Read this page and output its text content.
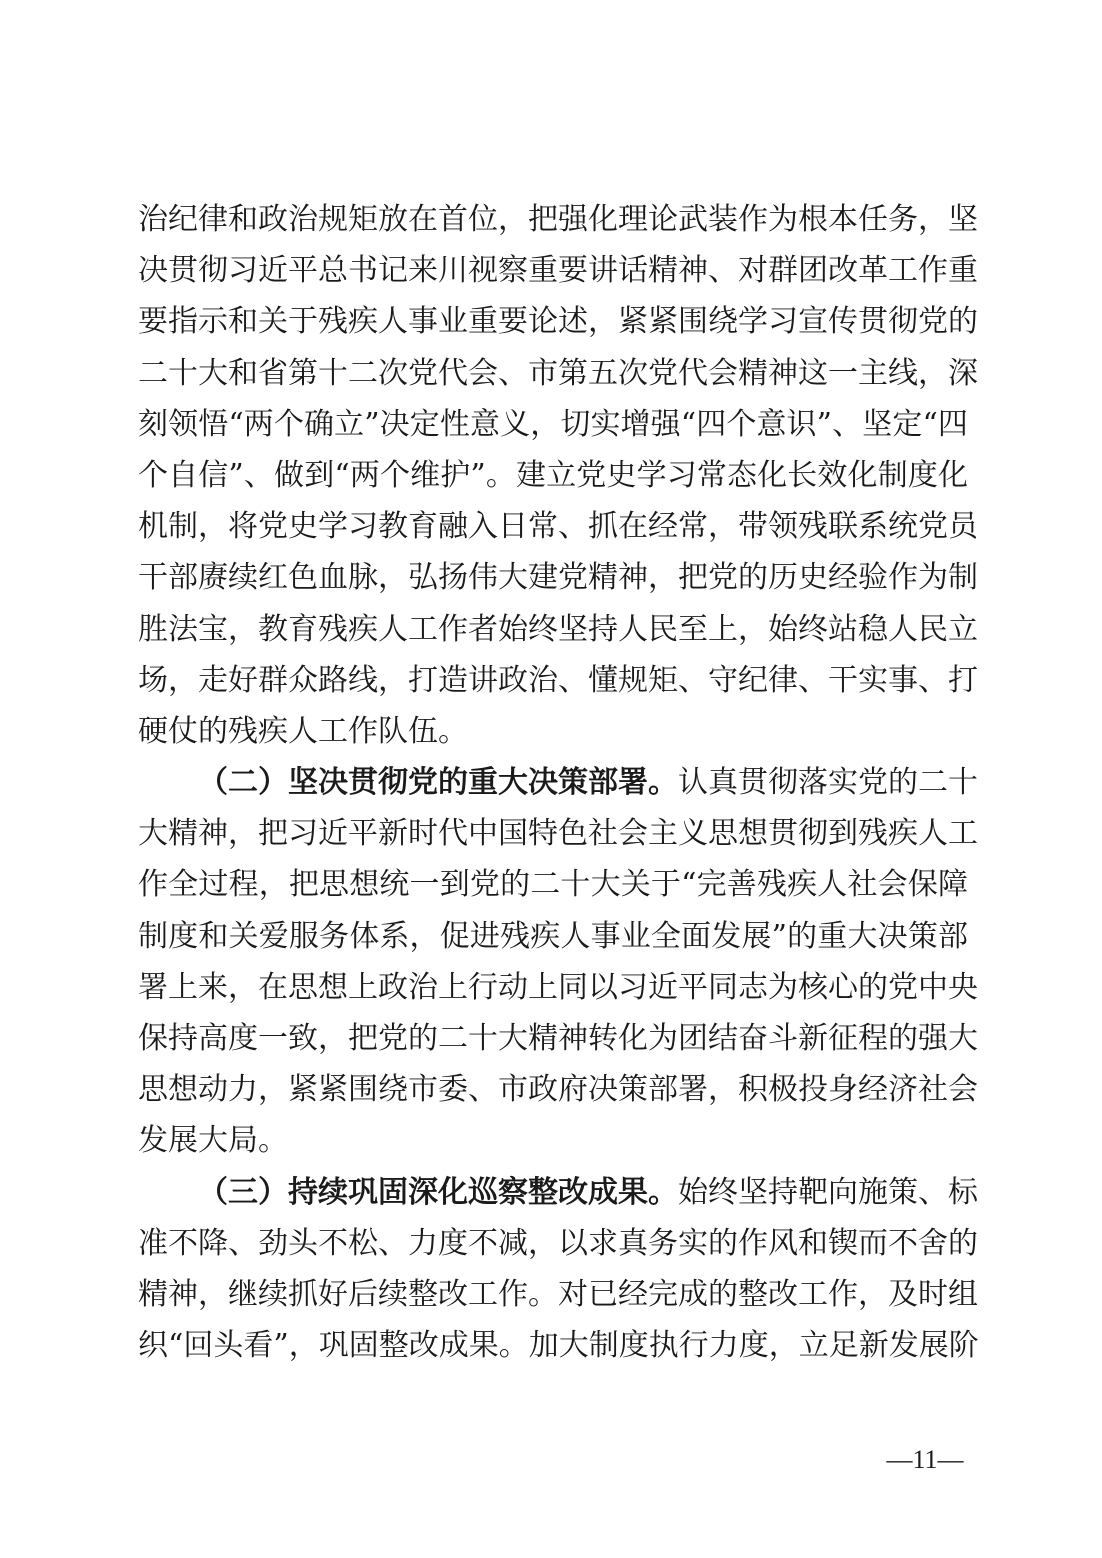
治 纪 律 和 政 治 规 矩 放 在 首 位 ， 把 强 化 理 论 武 装 作 为 根 本 任 务 ， 坚
决 贯 彻 习 近 平 总 书 记 来 川 视 察 重 要 讲 话 精 神 、 对 群 团 改 革 工 作 重
要 指 示 和 关 于 残 疾 人 事 业 重 要 论 述 ， 紧 紧 围 绕 学 习 宣 传 贯 彻 党 的
二 十 大 和 省 第 十 二 次 党 代 会 、 市 第 五 次 党 代 会 精 神 这 一 主 线 ， 深
刻 领 悟 “ 两 个 确 立 ” 决 定 性 意 义 ， 切 实 增 强 “ 四 个 意 识 ” 、 坚 定 “ 四
个 自 信 ” 、 做 到 “ 两 个 维 护 ” 。 建 立 党 史 学 习 常 态 化 长 效 化 制 度 化
机 制 ， 将 党 史 学 习 教 育 融 入 日 常 、 抓 在 经 常 ， 带 领 残 联 系 统 党 员
干 部 赓 续 红 色 血 脉 ， 弘 扬 伟 大 建 党 精 神 ， 把 党 的 历 史 经 验 作 为 制
胜 法 宝 ， 教 育 残 疾 人 工 作 者 始 终 坚 持 人 民 至 上 ， 始 终 站 稳 人 民 立
场 ， 走 好 群 众 路 线 ， 打 造 讲 政 治 、 懂 规 矩 、 守 纪 律 、 干 实 事 、 打
硬 仗 的 残 疾 人 工 作 队 伍 。

（ 二 ） 坚 决 贯 彻 党 的 重 大 决 策 部 署 。 认 真 贯 彻 落 实 党 的 二 十
大 精 神 ， 把 习 近 平 新 时 代 中 国 特 色 社 会 主 义 思 想 贯 彻 到 残 疾 人 工
作 全 过 程 ， 把 思 想 统 一 到 党 的 二 十 大 关 于 “ 完 善 残 疾 人 社 会 保 障
制 度 和 关 爱 服 务 体 系 ， 促 进 残 疾 人 事 业 全 面 发 展 ” 的 重 大 决 策 部
署 上 来 ， 在 思 想 上 政 治 上 行 动 上 同 以 习 近 平 同 志 为 核 心 的 党 中 央
保 持 高 度 一 致 ， 把 党 的 二 十 大 精 神 转 化 为 团 结 奋 斗 新 征 程 的 强 大
思 想 动 力 ， 紧 紧 围 绕 市 委 、 市 政 府 决 策 部 署 ， 积 极 投 身 经 济 社 会
发 展 大 局 。

（ 三 ） 持 续 巩 固 深 化 巡 察 整 改 成 果 。 始 终 坚 持 靶 向 施 策 、 标
准 不 降 、 劲 头 不 松 、 力 度 不 减 ， 以 求 真 务 实 的 作 风 和 锲 而 不 舍 的
精 神 ， 继 续 抓 好 后 续 整 改 工 作 。 对 已 经 完 成 的 整 改 工 作 ， 及 时 组
织 “ 回 头 看 ” ， 巩 固 整 改 成 果 。 加 大 制 度 执 行 力 度 ， 立 足 新 发 展 阶
—11—
